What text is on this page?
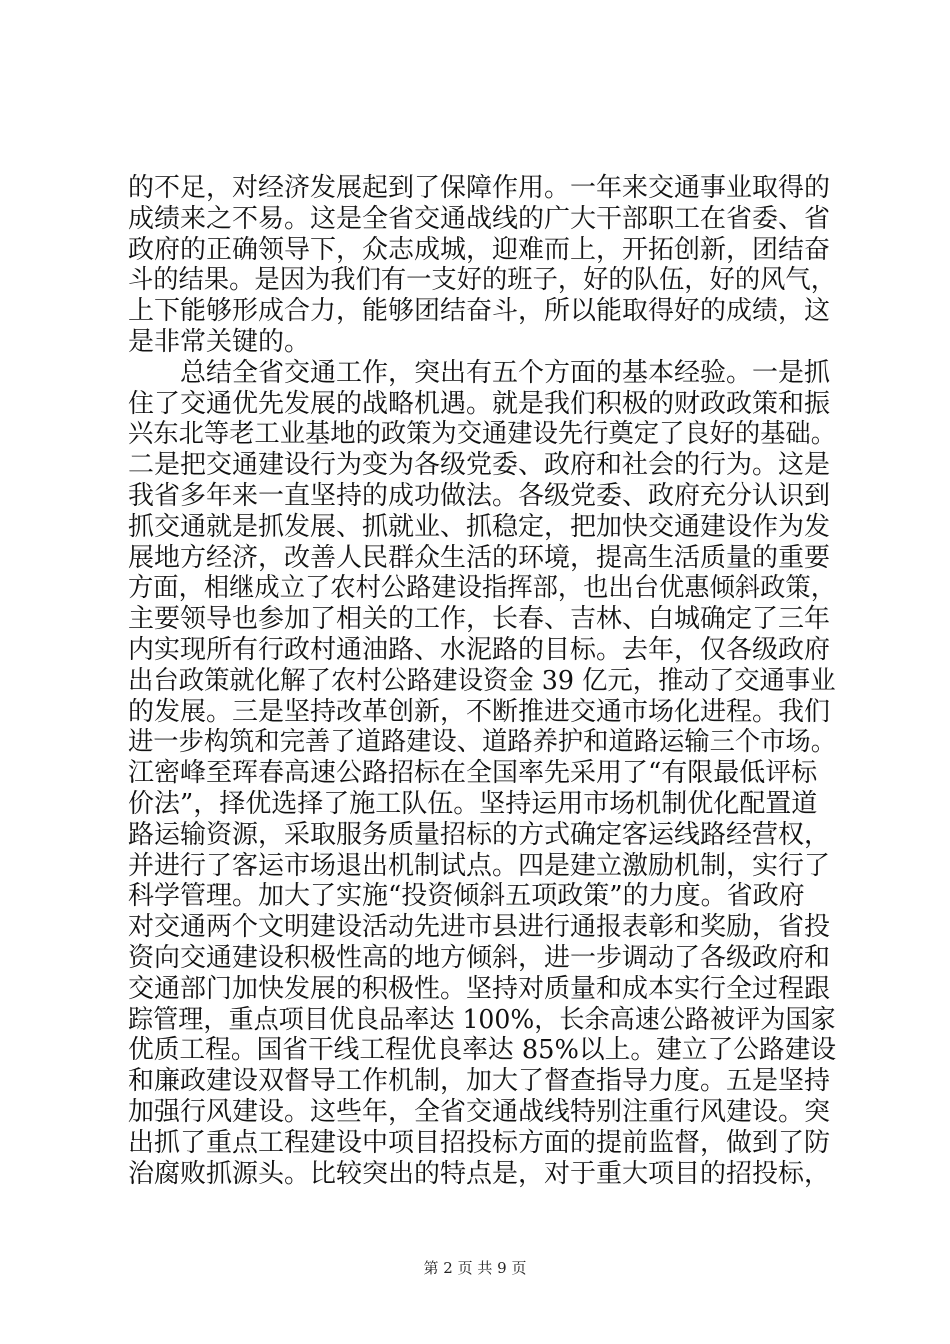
的不足，对经济发展起到了保障作用。一年来交通事业取得的
成绩来之不易。这是全省交通战线的广大干部职工在省委、省
政府的正确领导下，众志成城，迎难而上，开拓创新，团结奋
斗的结果。是因为我们有一支好的班子，好的队伍，好的风气，
上下能够形成合力，能够团结奋斗，所以能取得好的成绩，这
是非常关键的。
　　总结全省交通工作，突出有五个方面的基本经验。一是抓
住了交通优先发展的战略机遇。就是我们积极的财政政策和振
兴东北等老工业基地的政策为交通建设先行奠定了良好的基础。
二是把交通建设行为变为各级党委、政府和社会的行为。这是
我省多年来一直坚持的成功做法。各级党委、政府充分认识到
抓交通就是抓发展、抓就业、抓稳定，把加快交通建设作为发
展地方经济，改善人民群众生活的环境，提高生活质量的重要
方面，相继成立了农村公路建设指挥部，也出台优惠倾斜政策，
主要领导也参加了相关的工作，长春、吉林、白城确定了三年
内实现所有行政村通油路、水泥路的目标。去年，仅各级政府
出台政策就化解了农村公路建设资金 39 亿元，推动了交通事业
的发展。三是坚持改革创新，不断推进交通市场化进程。我们
进一步构筑和完善了道路建设、道路养护和道路运输三个市场。
江密峰至珲春高速公路招标在全国率先采用了“有限最低评标
价法”，择优选择了施工队伍。坚持运用市场机制优化配置道
路运输资源，采取服务质量招标的方式确定客运线路经营权，
并进行了客运市场退出机制试点。四是建立激励机制，实行了
科学管理。加大了实施“投资倾斜五项政策”的力度。省政府
对交通两个文明建设活动先进市县进行通报表彰和奖励，省投
资向交通建设积极性高的地方倾斜，进一步调动了各级政府和
交通部门加快发展的积极性。坚持对质量和成本实行全过程跟
踪管理，重点项目优良品率达 100%，长余高速公路被评为国家
优质工程。国省干线工程优良率达 85%以上。建立了公路建设
和廉政建设双督导工作机制，加大了督查指导力度。五是坚持
加强行风建设。这些年，全省交通战线特别注重行风建设。突
出抓了重点工程建设中项目招投标方面的提前监督，做到了防
治腐败抓源头。比较突出的特点是，对于重大项目的招投标，
第 2 页 共 9 页
